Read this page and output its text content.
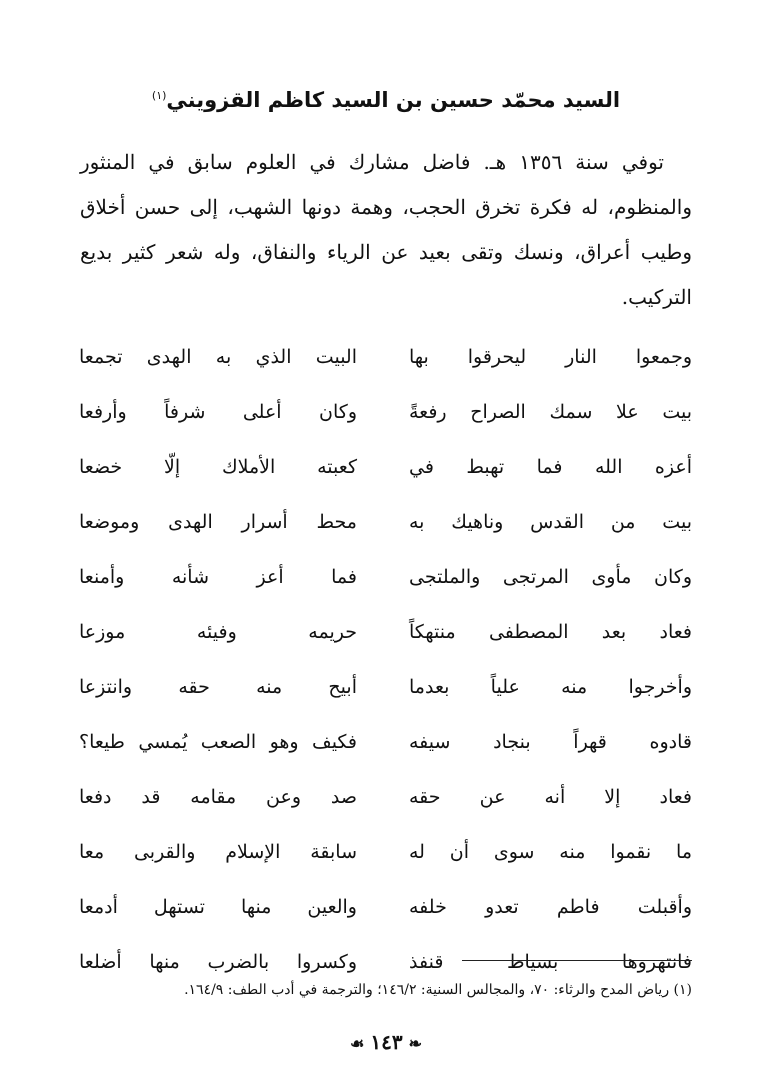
السيد محمّد حسين بن السيد كاظم القزويني$^{(١)}$

توفي سنة ١٣٥٦ هـ. فاضل مشارك في العلوم سابق في المنثور والمنظوم، له فكرة تخرق الحجب، وهمة دونها الشهب، إلى حسن أخلاق وطيب أعراق، ونسك وتقى بعيد عن الرياء والنفاق، وله شعر كثير بديع التركيب.

وجمعوا النار ليحرقوا بها
البيت الذي به الهدى تجمعا
بيت علا سمك الصراح رفعةً
وكان أعلى شرفاً وأرفعا
أعزه الله فما تهبط في
كعبته الأملاك إلّا خضعا
بيت من القدس وناهيك به
محط أسرار الهدى وموضعا
وكان مأوى المرتجى والملتجى
فما أعز شأنه وأمنعا
فعاد بعد المصطفى منتهكاً
حريمه وفيئه موزعا
وأخرجوا منه علياً بعدما
أبيح منه حقه وانتزعا
قادوه قهراً بنجاد سيفه
فكيف وهو الصعب يُمسي طيعا؟
فعاد إلا أنه عن حقه
صد وعن مقامه قد دفعا
ما نقموا منه سوى أن له
سابقة الإسلام والقربى معا
وأقبلت فاطم تعدو خلفه
والعين منها تستهل أدمعا
فانتهروها بسياط قنفذ
وكسروا بالضرب منها أضلعا
(١) رياض المدح والرثاء: ٧٠، والمجالس السنية: ١٤٦/٢؛ والترجمة في أدب الطف: ١٦٤/٩.
❧١٤٣☙
